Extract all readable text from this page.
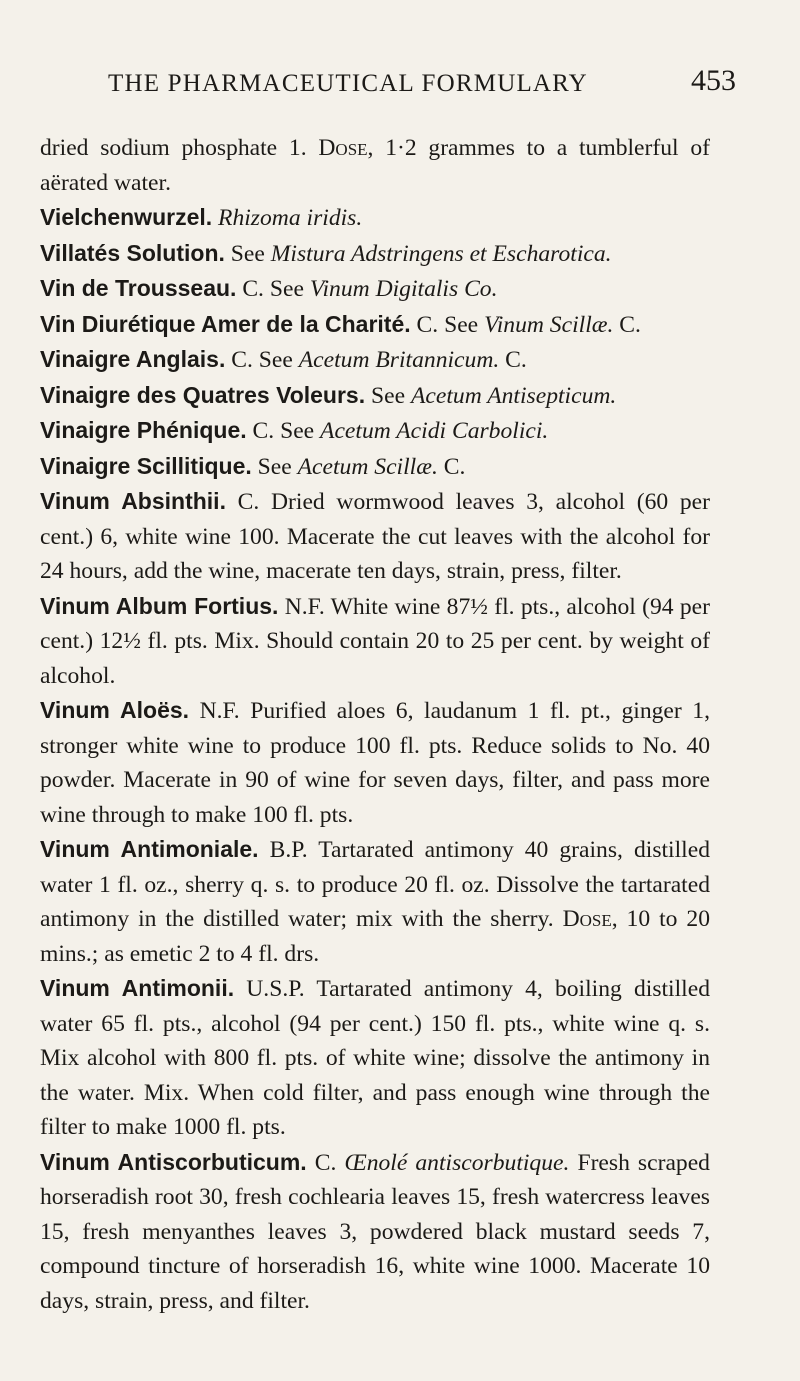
THE PHARMACEUTICAL FORMULARY	453

dried sodium phosphate 1. Dose, 1·2 grammes to a tumblerful of aërated water.

Vielchenwurzel. Rhizoma iridis.

Villatés Solution. See Mistura Adstringens et Escharotica.

Vin de Trousseau. C. See Vinum Digitalis Co.

Vin Diurétique Amer de la Charité. C. See Vinum Scillæ. C.

Vinaigre Anglais. C. See Acetum Britannicum. C.

Vinaigre des Quatres Voleurs. See Acetum Antisepticum.

Vinaigre Phénique. C. See Acetum Acidi Carbolici.

Vinaigre Scillitique. See Acetum Scillæ. C.

Vinum Absinthii. C. Dried wormwood leaves 3, alcohol (60 per cent.) 6, white wine 100. Macerate the cut leaves with the alcohol for 24 hours, add the wine, macerate ten days, strain, press, filter.

Vinum Album Fortius. N.F. White wine 87½ fl. pts., alcohol (94 per cent.) 12½ fl. pts. Mix. Should contain 20 to 25 per cent. by weight of alcohol.

Vinum Aloës. N.F. Purified aloes 6, laudanum 1 fl. pt., ginger 1, stronger white wine to produce 100 fl. pts. Reduce solids to No. 40 powder. Macerate in 90 of wine for seven days, filter, and pass more wine through to make 100 fl. pts.

Vinum Antimoniale. B.P. Tartarated antimony 40 grains, distilled water 1 fl. oz., sherry q. s. to produce 20 fl. oz. Dissolve the tartarated antimony in the distilled water; mix with the sherry. Dose, 10 to 20 mins.; as emetic 2 to 4 fl. drs.

Vinum Antimonii. U.S.P. Tartarated antimony 4, boiling distilled water 65 fl. pts., alcohol (94 per cent.) 150 fl. pts., white wine q. s. Mix alcohol with 800 fl. pts. of white wine; dissolve the antimony in the water. Mix. When cold filter, and pass enough wine through the filter to make 1000 fl. pts.

Vinum Antiscorbuticum. C. Œnolé antiscorbutique. Fresh scraped horseradish root 30, fresh cochlearia leaves 15, fresh watercress leaves 15, fresh menyanthes leaves 3, powdered black mustard seeds 7, compound tincture of horseradish 16, white wine 1000. Macerate 10 days, strain, press, and filter.
